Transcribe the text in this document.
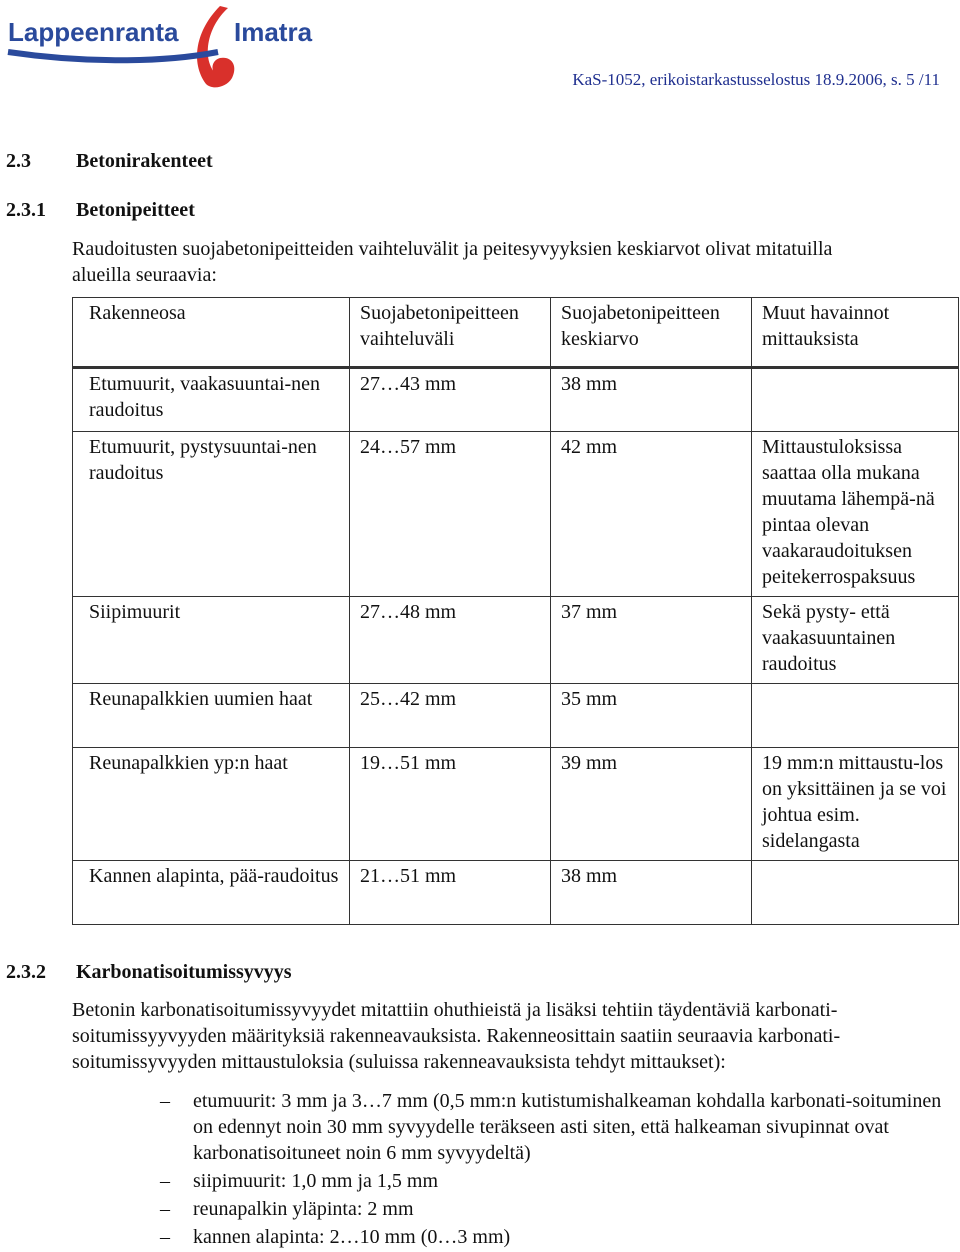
Lappeenranta Imatra
KaS-1052, erikoistarkastusselostus 18.9.2006, s. 5 /11
2.3 Betonirakenteet
2.3.1 Betonipeitteet
Raudoitusten suojabetonipeitteiden vaihteluvälit ja peitesyvyyksien keskiarvot olivat mitatuilla
alueilla seuraavia:
Rakenneosa	Suojabetonipeitteen vaihteluväli	Suojabetonipeitteen keskiarvo	Muut havainnot mittauksista
Etumuurit, vaakasuuntai-nen raudoitus	27…43 mm	38 mm	
Etumuurit, pystysuuntai-nen raudoitus	24…57 mm	42 mm	Mittaustuloksissa saattaa olla mukana muutama lähempä-nä pintaa olevan vaakaraudoituksen peitekerrospaksuus
Siipimuurit	27…48 mm	37 mm	Sekä pysty- että vaakasuuntainen raudoitus
Reunapalkkien uumien haat	25…42 mm	35 mm	
Reunapalkkien yp:n haat	19…51 mm	39 mm	19 mm:n mittaustu-los on yksittäinen ja se voi johtua esim. sidelangasta
Kannen alapinta, pää-raudoitus	21…51 mm	38 mm	
2.3.2 Karbonatisoitumissyvyys
Betonin karbonatisoitumissyvyydet mitattiin ohuthieistä ja lisäksi tehtiin täydentäviä karbonati-
soitumissyyvyyden määrityksiä rakenneavauksista. Rakenneosittain saatiin seuraavia karbonati-
soitumissyvyyden mittaustuloksia (suluissa rakenneavauksista tehdyt mittaukset):
– etumuurit: 3 mm ja 3…7 mm (0,5 mm:n kutistumishalkeaman kohdalla karbonati-soituminen on edennyt noin 30 mm syvyydelle teräkseen asti siten, että halkeaman sivupinnat ovat karbonatisoituneet noin 6 mm syvyydeltä)
– siipimuurit: 1,0 mm ja 1,5 mm
– reunapalkin yläpinta: 2 mm
– kannen alapinta: 2…10 mm (0…3 mm)
